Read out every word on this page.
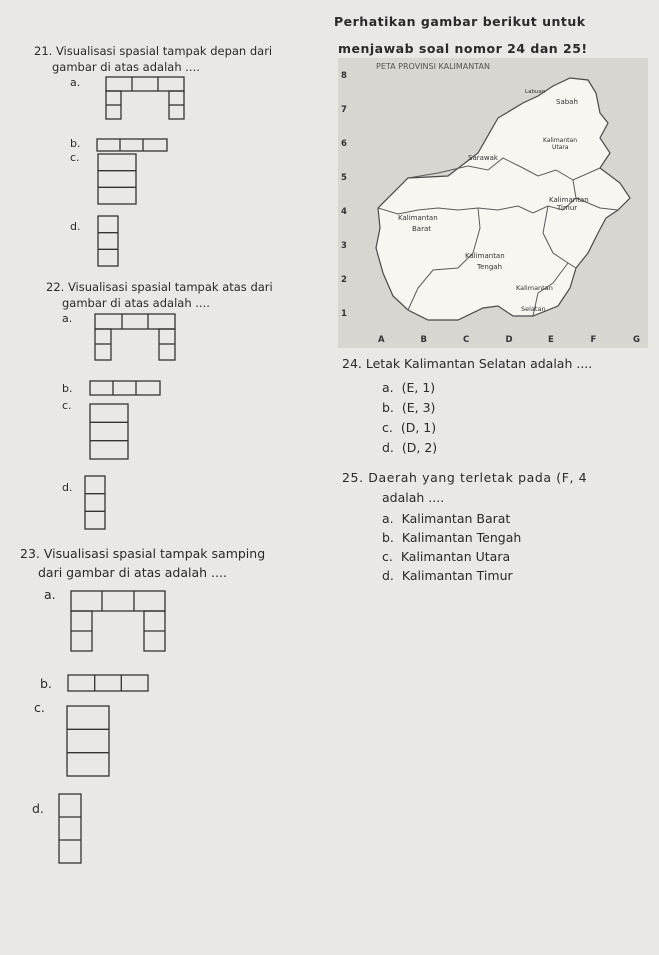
21. Visualisasi spasial tampak depan dari
gambar di atas adalah ....
a.
b.
c.
d.
Perhatikan gambar berikut untuk
menjawab soal nomor 24 dan 25!
PETA PROVINSI KALIMANTAN
Labuan
Sabah
Kalimantan
Utara
Sarawak
Kalimantan
Timur
Kalimantan
Barat
Kalimantan
Tengah
Kalimantan
Selatan
8
7
6
5
4
3
2
1
A	B	C	D	E	F	G
22. Visualisasi spasial tampak atas dari
gambar di atas adalah ....
a.
b.
c.
d.
23. Visualisasi spasial tampak samping
dari gambar di atas adalah ....
a.
b.
c.
d.
24. Letak Kalimantan Selatan adalah ....
a. (E, 1)
b. (E, 3)
c. (D, 1)
d. (D, 2)
25. Daerah yang terletak pada (F, 4
adalah ....
a. Kalimantan Barat
b. Kalimantan Tengah
c. Kalimantan Utara
d. Kalimantan Timur
